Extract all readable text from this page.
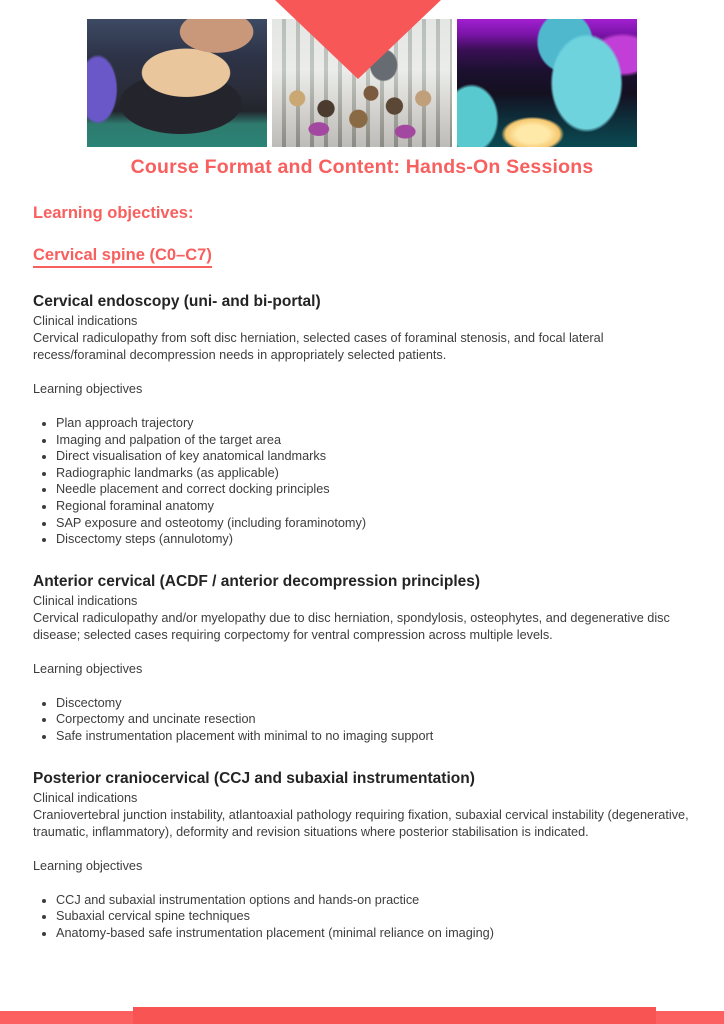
Course Format and Content: Hands-On Sessions
Learning objectives:
Cervical spine (C0–C7)
Cervical endoscopy (uni- and bi-portal)

Clinical indications

Cervical radiculopathy from soft disc herniation, selected cases of foraminal stenosis, and focal lateral recess/foraminal decompression needs in appropriately selected patients.

Learning objectives

• Plan approach trajectory
• Imaging and palpation of the target area
• Direct visualisation of key anatomical landmarks
• Radiographic landmarks (as applicable)
• Needle placement and correct docking principles
• Regional foraminal anatomy
• SAP exposure and osteotomy (including foraminotomy)
• Discectomy steps (annulotomy)
Anterior cervical (ACDF / anterior decompression principles)

Clinical indications

Cervical radiculopathy and/or myelopathy due to disc herniation, spondylosis, osteophytes, and degenerative disc disease; selected cases requiring corpectomy for ventral compression across multiple levels.

Learning objectives

• Discectomy
• Corpectomy and uncinate resection
• Safe instrumentation placement with minimal to no imaging support
Posterior craniocervical (CCJ and subaxial instrumentation)

Clinical indications

Craniovertebral junction instability, atlantoaxial pathology requiring fixation, subaxial cervical instability (degenerative, traumatic, inflammatory), deformity and revision situations where posterior stabilisation is indicated.

Learning objectives

• CCJ and subaxial instrumentation options and hands-on practice
• Subaxial cervical spine techniques
• Anatomy-based safe instrumentation placement (minimal reliance on imaging)
